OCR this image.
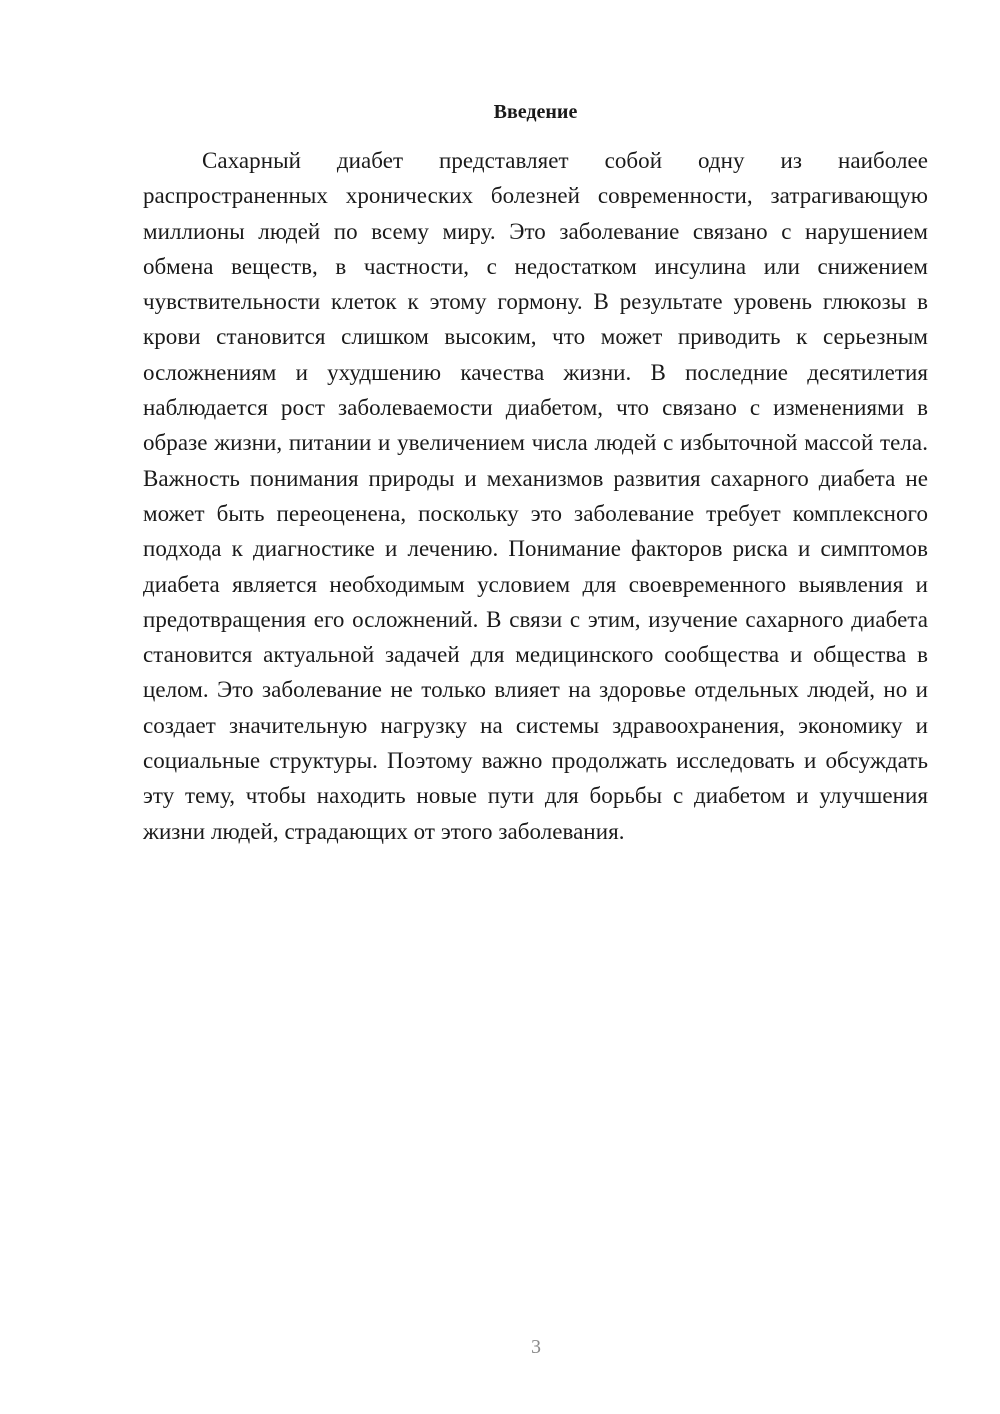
Введение

Сахарный диабет представляет собой одну из наиболее распространенных хронических болезней современности, затрагивающую миллионы людей по всему миру. Это заболевание связано с нарушением обмена веществ, в частности, с недостатком инсулина или снижением чувствительности клеток к этому гормону. В результате уровень глюкозы в крови становится слишком высоким, что может приводить к серьезным осложнениям и ухудшению качества жизни. В последние десятилетия наблюдается рост заболеваемости диабетом, что связано с изменениями в образе жизни, питании и увеличением числа людей с избыточной массой тела. Важность понимания природы и механизмов развития сахарного диабета не может быть переоценена, поскольку это заболевание требует комплексного подхода к диагностике и лечению. Понимание факторов риска и симптомов диабета является необходимым условием для своевременного выявления и предотвращения его осложнений. В связи с этим, изучение сахарного диабета становится актуальной задачей для медицинского сообщества и общества в целом. Это заболевание не только влияет на здоровье отдельных людей, но и создает значительную нагрузку на системы здравоохранения, экономику и социальные структуры. Поэтому важно продолжать исследовать и обсуждать эту тему, чтобы находить новые пути для борьбы с диабетом и улучшения жизни людей, страдающих от этого заболевания.

3
